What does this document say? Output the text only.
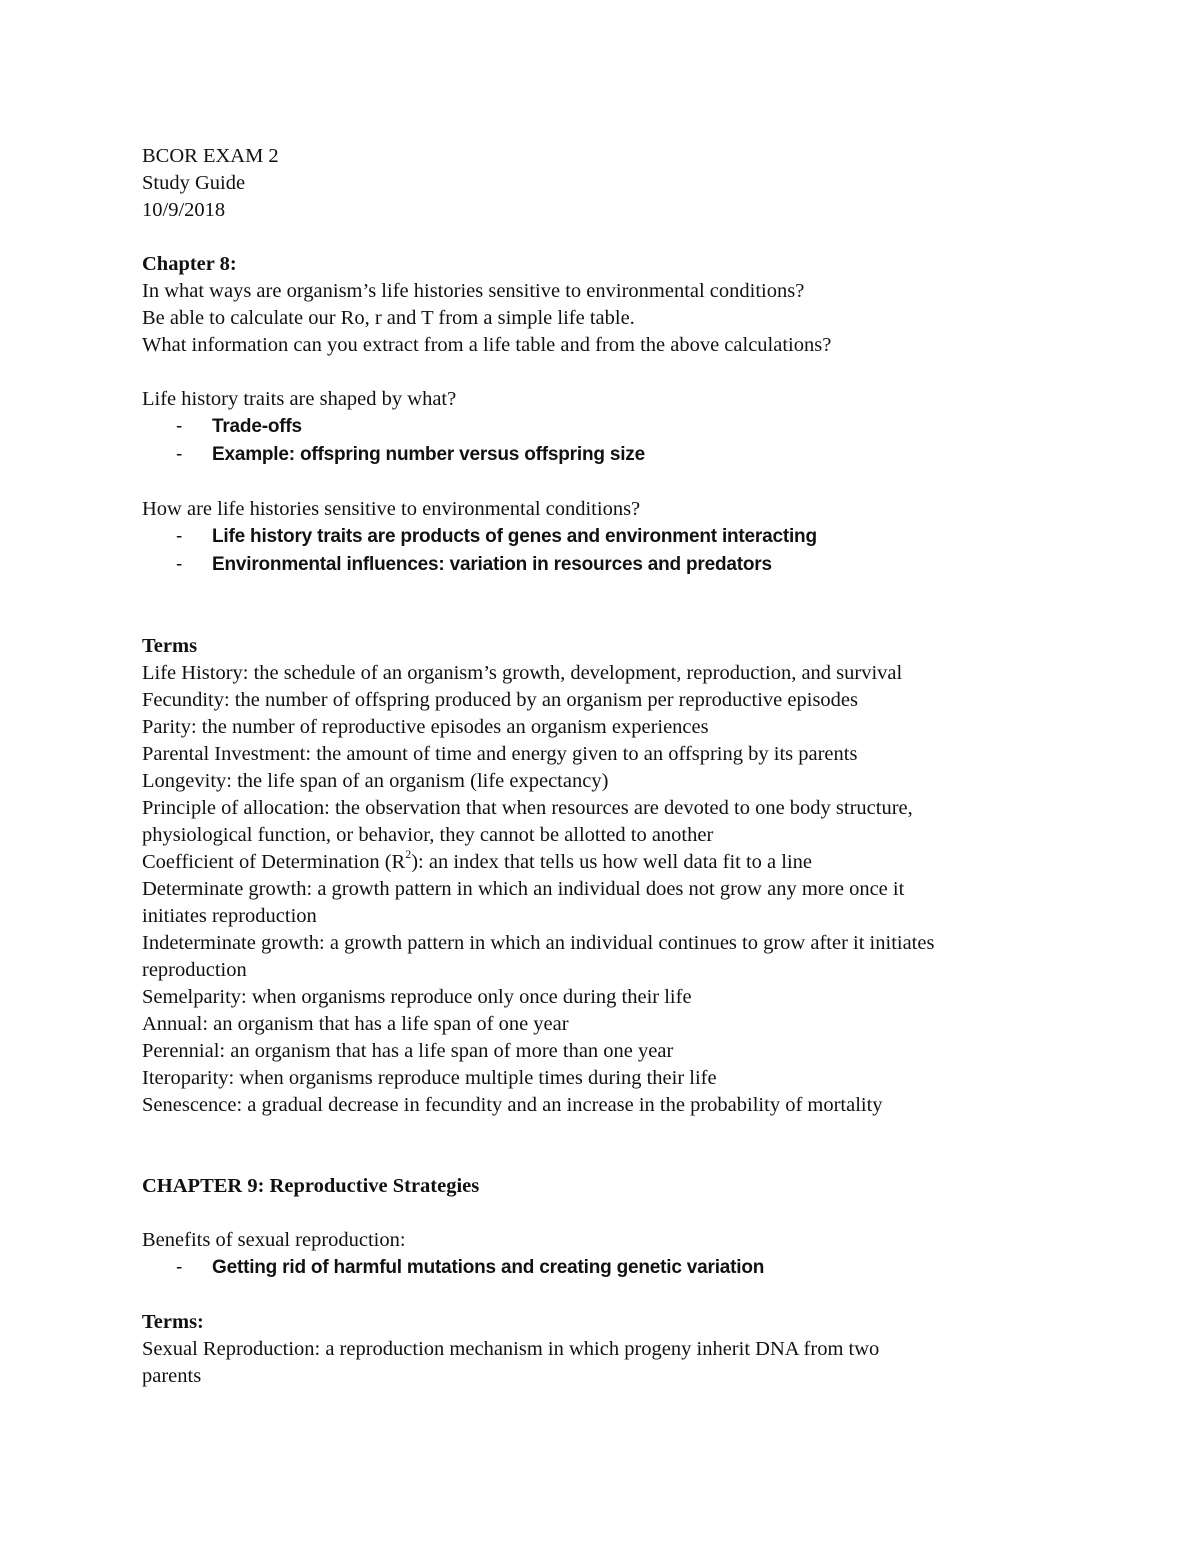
BCOR EXAM 2
Study Guide
10/9/2018
Chapter 8:
In what ways are organism’s life histories sensitive to environmental conditions?
Be able to calculate our Ro, r and T from a simple life table.
What information can you extract from a life table and from the above calculations?
Life history traits are shaped by what?
- Trade-offs
- Example: offspring number versus offspring size
How are life histories sensitive to environmental conditions?
- Life history traits are products of genes and environment interacting
- Environmental influences: variation in resources and predators
Terms
Life History: the schedule of an organism’s growth, development, reproduction, and survival
Fecundity: the number of offspring produced by an organism per reproductive episodes
Parity: the number of reproductive episodes an organism experiences
Parental Investment: the amount of time and energy given to an offspring by its parents
Longevity: the life span of an organism (life expectancy)
Principle of allocation: the observation that when resources are devoted to one body structure,
physiological function, or behavior, they cannot be allotted to another
Coefficient of Determination $(R^2)$: an index that tells us how well data fit to a line
Determinate growth: a growth pattern in which an individual does not grow any more once it
initiates reproduction
Indeterminate growth: a growth pattern in which an individual continues to grow after it initiates
reproduction
Semelparity: when organisms reproduce only once during their life
Annual: an organism that has a life span of one year
Perennial: an organism that has a life span of more than one year
Iteroparity: when organisms reproduce multiple times during their life
Senescence: a gradual decrease in fecundity and an increase in the probability of mortality
CHAPTER 9: Reproductive Strategies
Benefits of sexual reproduction:
- Getting rid of harmful mutations and creating genetic variation
Terms:
Sexual Reproduction: a reproduction mechanism in which progeny inherit DNA from two
parents
